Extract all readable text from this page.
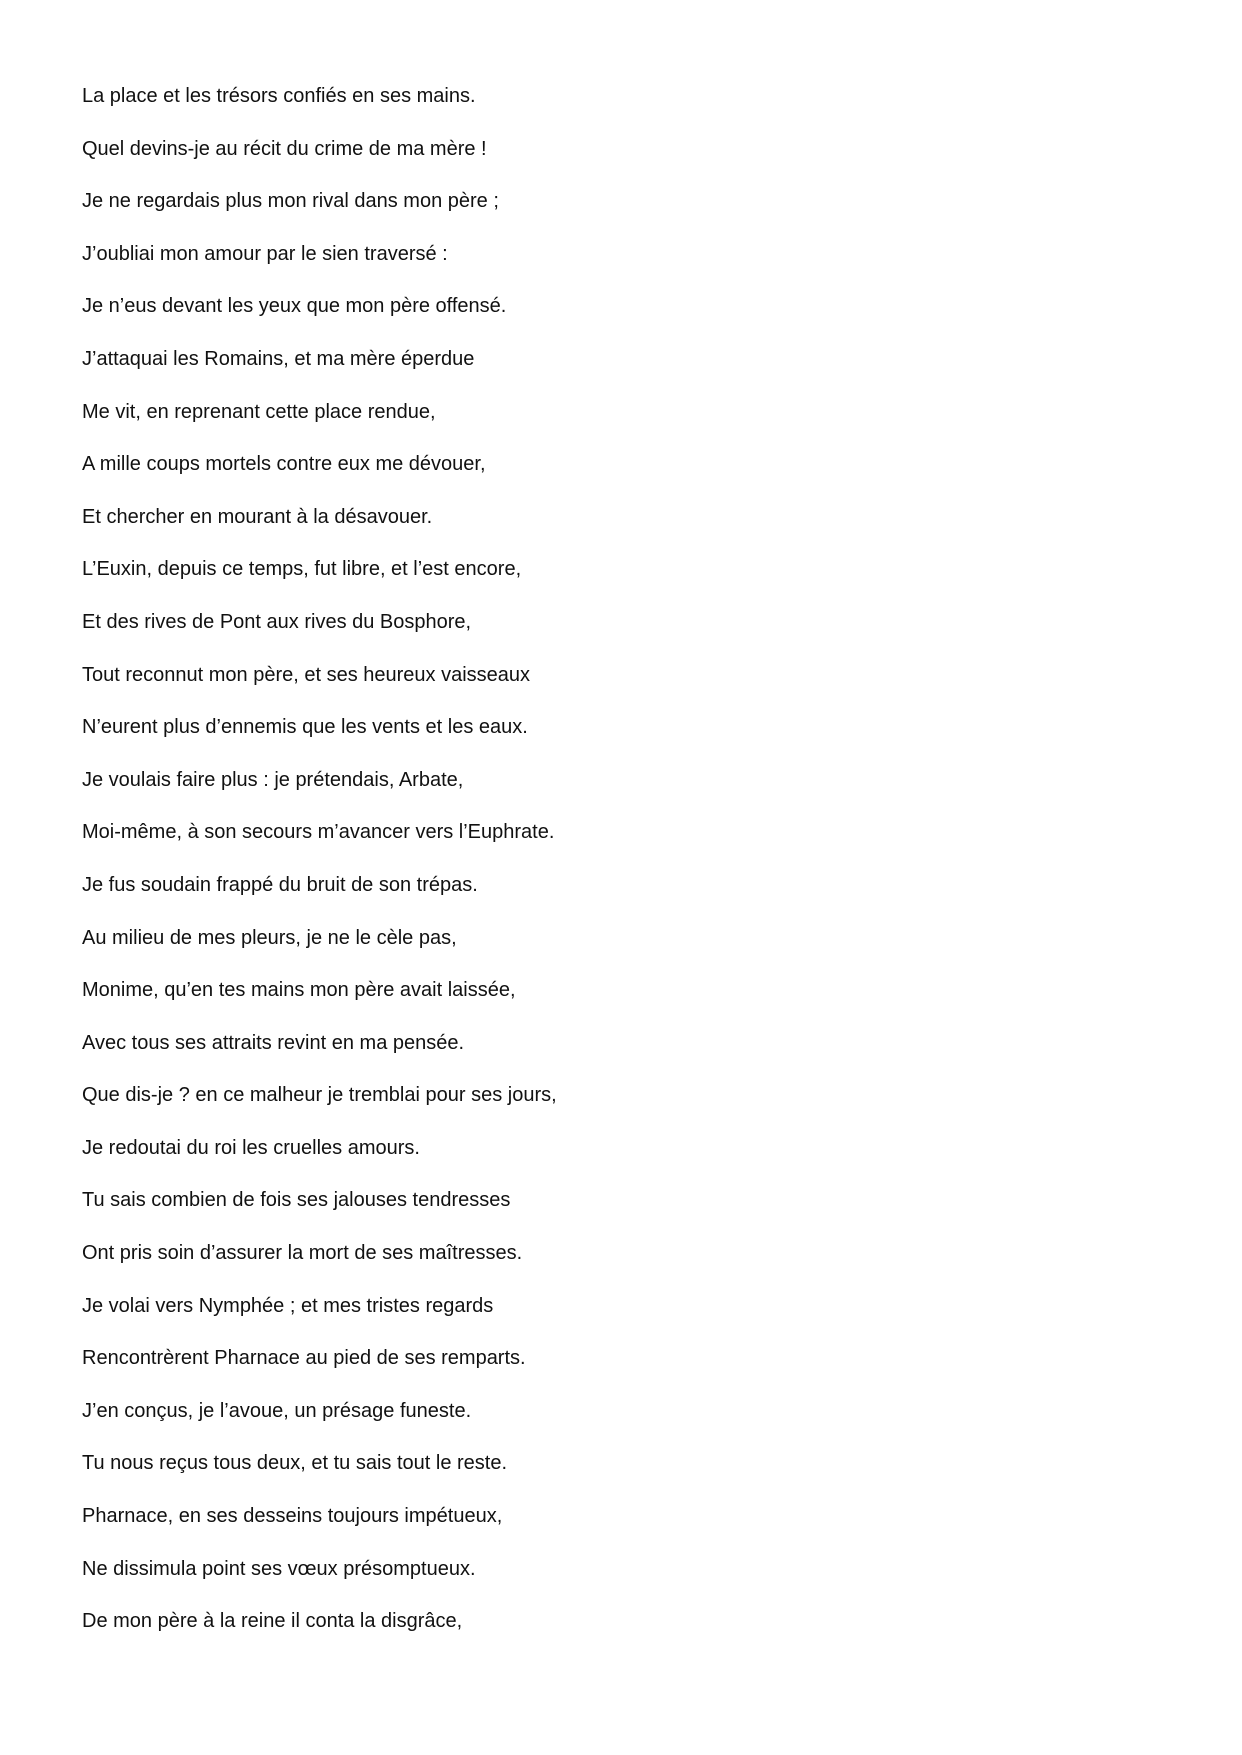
La place et les trésors confiés en ses mains.
Quel devins-je au récit du crime de ma mère !
Je ne regardais plus mon rival dans mon père ;
J’oubliai mon amour par le sien traversé :
Je n’eus devant les yeux que mon père offensé.
J’attaquai les Romains, et ma mère éperdue
Me vit, en reprenant cette place rendue,
A mille coups mortels contre eux me dévouer,
Et chercher en mourant à la désavouer.
L’Euxin, depuis ce temps, fut libre, et l’est encore,
Et des rives de Pont aux rives du Bosphore,
Tout reconnut mon père, et ses heureux vaisseaux
N’eurent plus d’ennemis que les vents et les eaux.
Je voulais faire plus : je prétendais, Arbate,
Moi-même, à son secours m’avancer vers l’Euphrate.
Je fus soudain frappé du bruit de son trépas.
Au milieu de mes pleurs, je ne le cèle pas,
Monime, qu’en tes mains mon père avait laissée,
Avec tous ses attraits revint en ma pensée.
Que dis-je ? en ce malheur je tremblai pour ses jours,
Je redoutai du roi les cruelles amours.
Tu sais combien de fois ses jalouses tendresses
Ont pris soin d’assurer la mort de ses maîtresses.
Je volai vers Nymphée ; et mes tristes regards
Rencontrèrent Pharnace au pied de ses remparts.
J’en conçus, je l’avoue, un présage funeste.
Tu nous reçus tous deux, et tu sais tout le reste.
Pharnace, en ses desseins toujours impétueux,
Ne dissimula point ses vœux présomptueux.
De mon père à la reine il conta la disgrâce,
